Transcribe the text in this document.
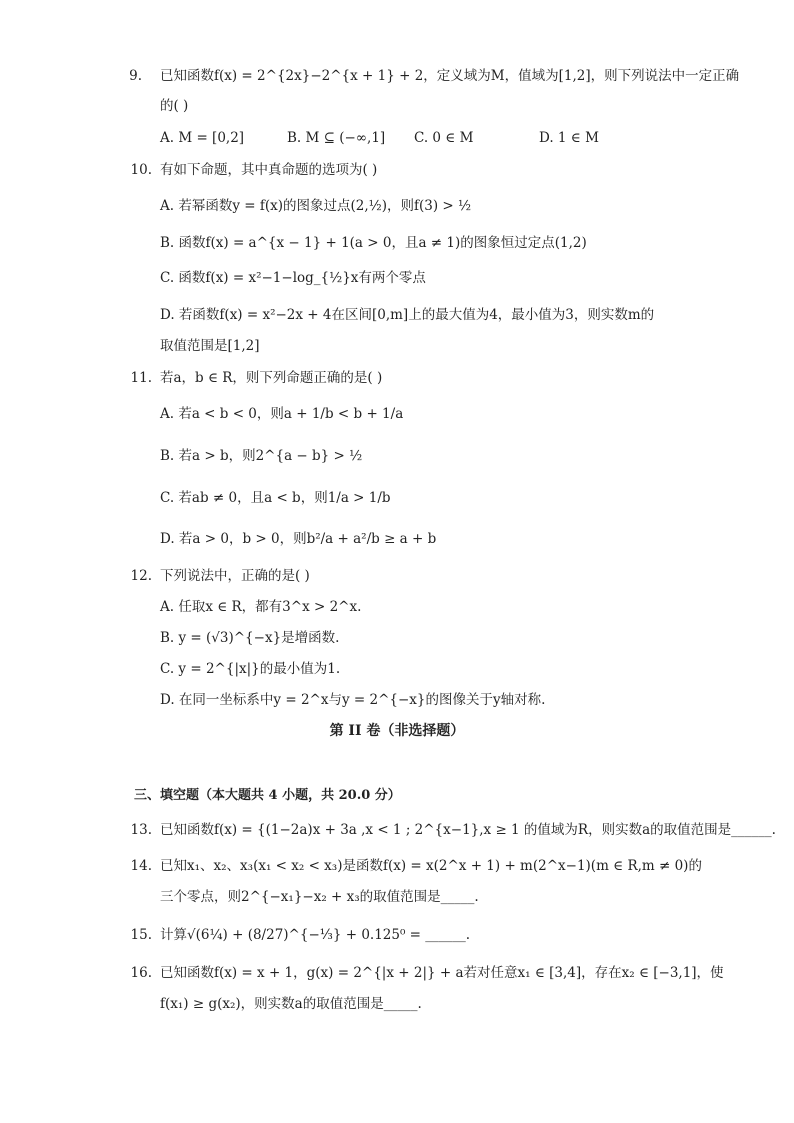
9. 已知函数f(x) = 2^{2x}−2^{x + 1} + 2，定义域为M，值域为[1,2]，则下列说法中一定正确
的( )
A. M = [0,2]	B. M ⊆ (−∞,1] C. 0 ∈ M	D. 1 ∈ M
10. 有如下命题，其中真命题的选项为( )
A. 若幂函数y = f(x)的图象过点(2,½)，则f(3) > ½
B. 函数f(x) = a^{x − 1} + 1(a > 0，且a ≠ 1)的图象恒过定点(1,2)
C. 函数f(x) = x²−1−log_{½}x有两个零点
D. 若函数f(x) = x²−2x + 4在区间[0,m]上的最大值为4，最小值为3，则实数m的
取值范围是[1,2]
11. 若a，b ∈ R，则下列命题正确的是( )
A. 若a < b < 0，则a + 1/b < b + 1/a
B. 若a > b，则2^{a − b} > ½
C. 若ab ≠ 0，且a < b，则1/a > 1/b
D. 若a > 0，b > 0，则b²/a + a²/b ≥ a + b
12. 下列说法中，正确的是( )
A. 任取x ∈ R，都有3^x > 2^x.
B. y = (√3)^{−x}是增函数.
C. y = 2^{|x|}的最小值为1.
D. 在同一坐标系中y = 2^x与y = 2^{−x}的图像关于y轴对称.
第 II 卷（非选择题）
三、填空题（本大题共 4 小题，共 20.0 分）
13. 已知函数f(x) = {(1−2a)x + 3a ,x < 1 ; 2^{x−1},x ≥ 1 的值域为R，则实数a的取值范围是______.
14. 已知x₁、x₂、x₃(x₁ < x₂ < x₃)是函数f(x) = x(2^x + 1) + m(2^x−1)(m ∈ R,m ≠ 0)的
三个零点，则2^{−x₁}−x₂ + x₃的取值范围是_____.
15. 计算√(6¼) + (8/27)^{−⅓} + 0.125⁰ = ______.
16. 已知函数f(x) = x + 1，g(x) = 2^{|x + 2|} + a若对任意x₁ ∈ [3,4]，存在x₂ ∈ [−3,1]，使
f(x₁) ≥ g(x₂)，则实数a的取值范围是_____.
